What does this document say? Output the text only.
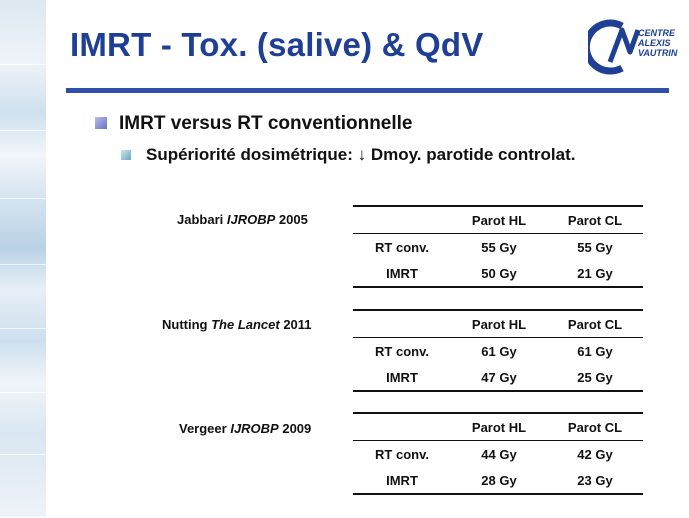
IMRT - Tox. (salive) & QdV	CENTRE
ALEXIS
VAUTRIN
IMRT versus RT conventionnelle
Supériorité dosimétrique: ↓ Dmoy. parotide controlat.
Jabbari IJROBP 2005
		Parot HL	Parot CL
RT conv.	55 Gy	55 Gy
IMRT	50 Gy	21 Gy
Nutting The Lancet 2011
		Parot HL	Parot CL
RT conv.	61 Gy	61 Gy
IMRT	47 Gy	25 Gy
Vergeer IJROBP 2009
		Parot HL	Parot CL
RT conv.	44 Gy	42 Gy
IMRT	28 Gy	23 Gy
